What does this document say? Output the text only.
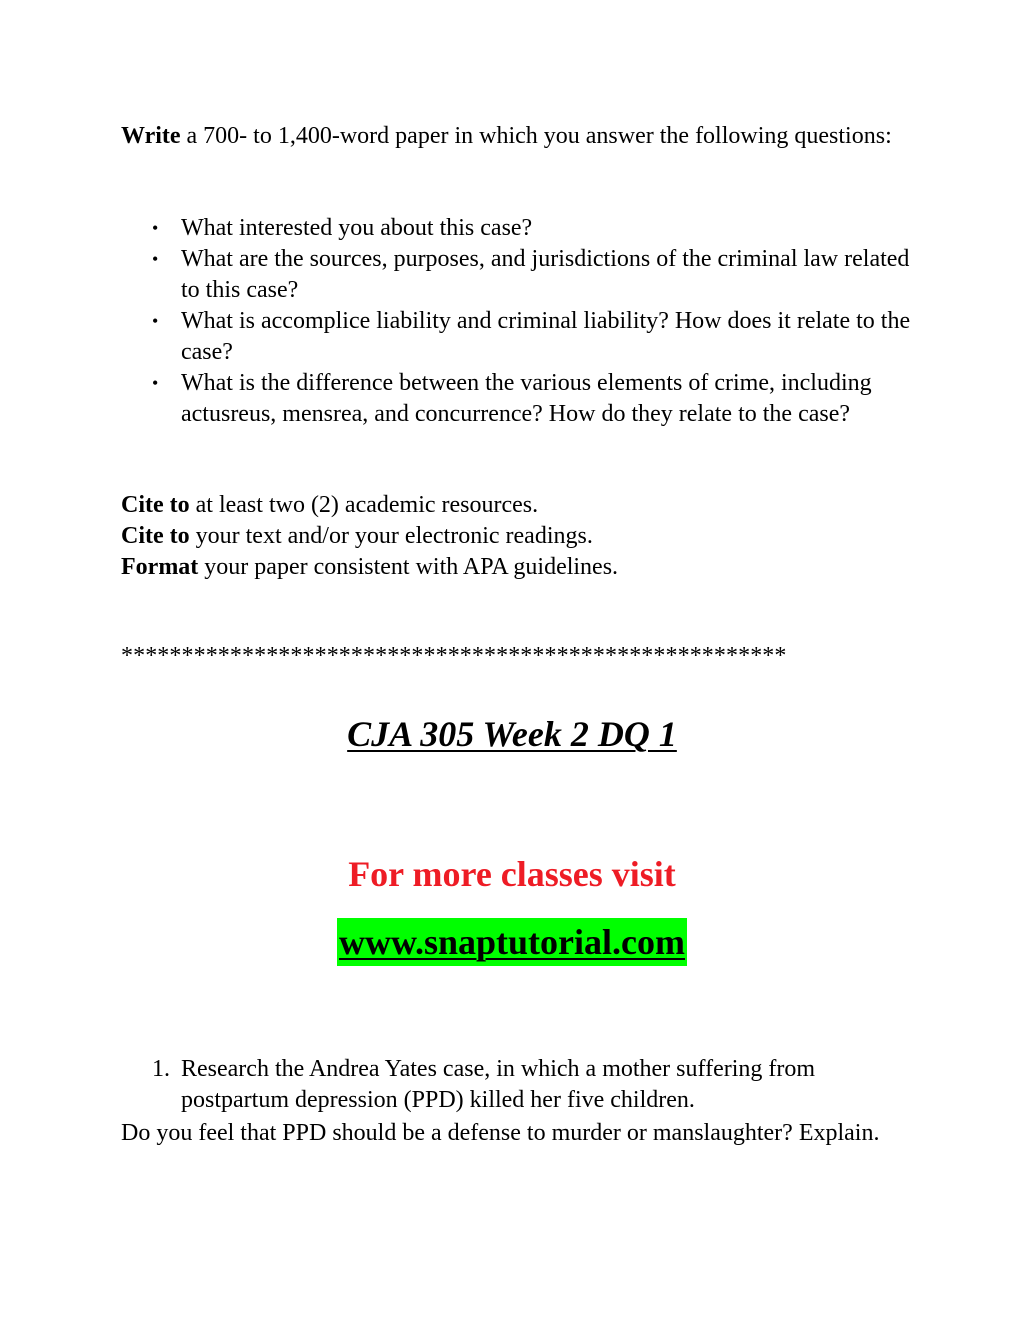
Write a 700- to 1,400-word paper in which you answer the following questions:
• What interested you about this case?
• What are the sources, purposes, and jurisdictions of the criminal law related to this case?
• What is accomplice liability and criminal liability? How does it relate to the case?
• What is the difference between the various elements of crime, including actusreus, mensrea, and concurrence? How do they relate to the case?
Cite to at least two (2) academic resources.
Cite to your text and/or your electronic readings.
Format your paper consistent with APA guidelines.
*******************************************************
CJA 305 Week 2 DQ 1
For more classes visit
www.snaptutorial.com
1. Research the Andrea Yates case, in which a mother suffering from postpartum depression (PPD) killed her five children.
Do you feel that PPD should be a defense to murder or manslaughter? Explain.
